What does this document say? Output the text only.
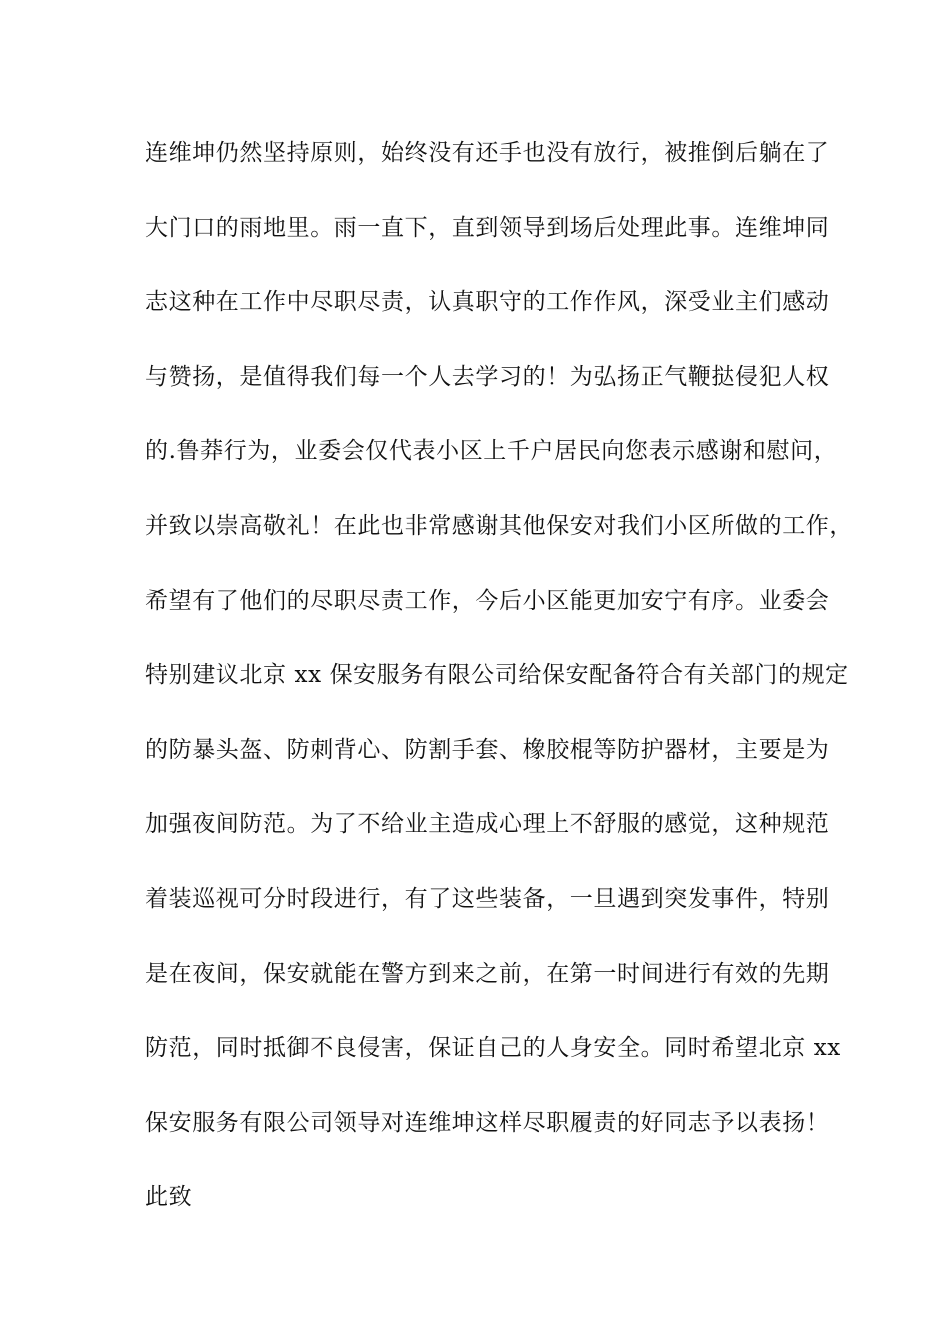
连维坤仍然坚持原则，始终没有还手也没有放行，被推倒后躺在了
大门口的雨地里。雨一直下，直到领导到场后处理此事。连维坤同
志这种在工作中尽职尽责，认真职守的工作作风，深受业主们感动
与赞扬，是值得我们每一个人去学习的！为弘扬正气鞭挞侵犯人权
的.鲁莽行为，业委会仅代表小区上千户居民向您表示感谢和慰问，
并致以崇高敬礼！在此也非常感谢其他保安对我们小区所做的工作，
希望有了他们的尽职尽责工作，今后小区能更加安宁有序。业委会
特别建议北京 xx 保安服务有限公司给保安配备符合有关部门的规定
的防暴头盔、防刺背心、防割手套、橡胶棍等防护器材，主要是为
加强夜间防范。为了不给业主造成心理上不舒服的感觉，这种规范
着装巡视可分时段进行，有了这些装备，一旦遇到突发事件，特别
是在夜间，保安就能在警方到来之前，在第一时间进行有效的先期
防范，同时抵御不良侵害，保证自己的人身安全。同时希望北京 xx
保安服务有限公司领导对连维坤这样尽职履责的好同志予以表扬！
此致
